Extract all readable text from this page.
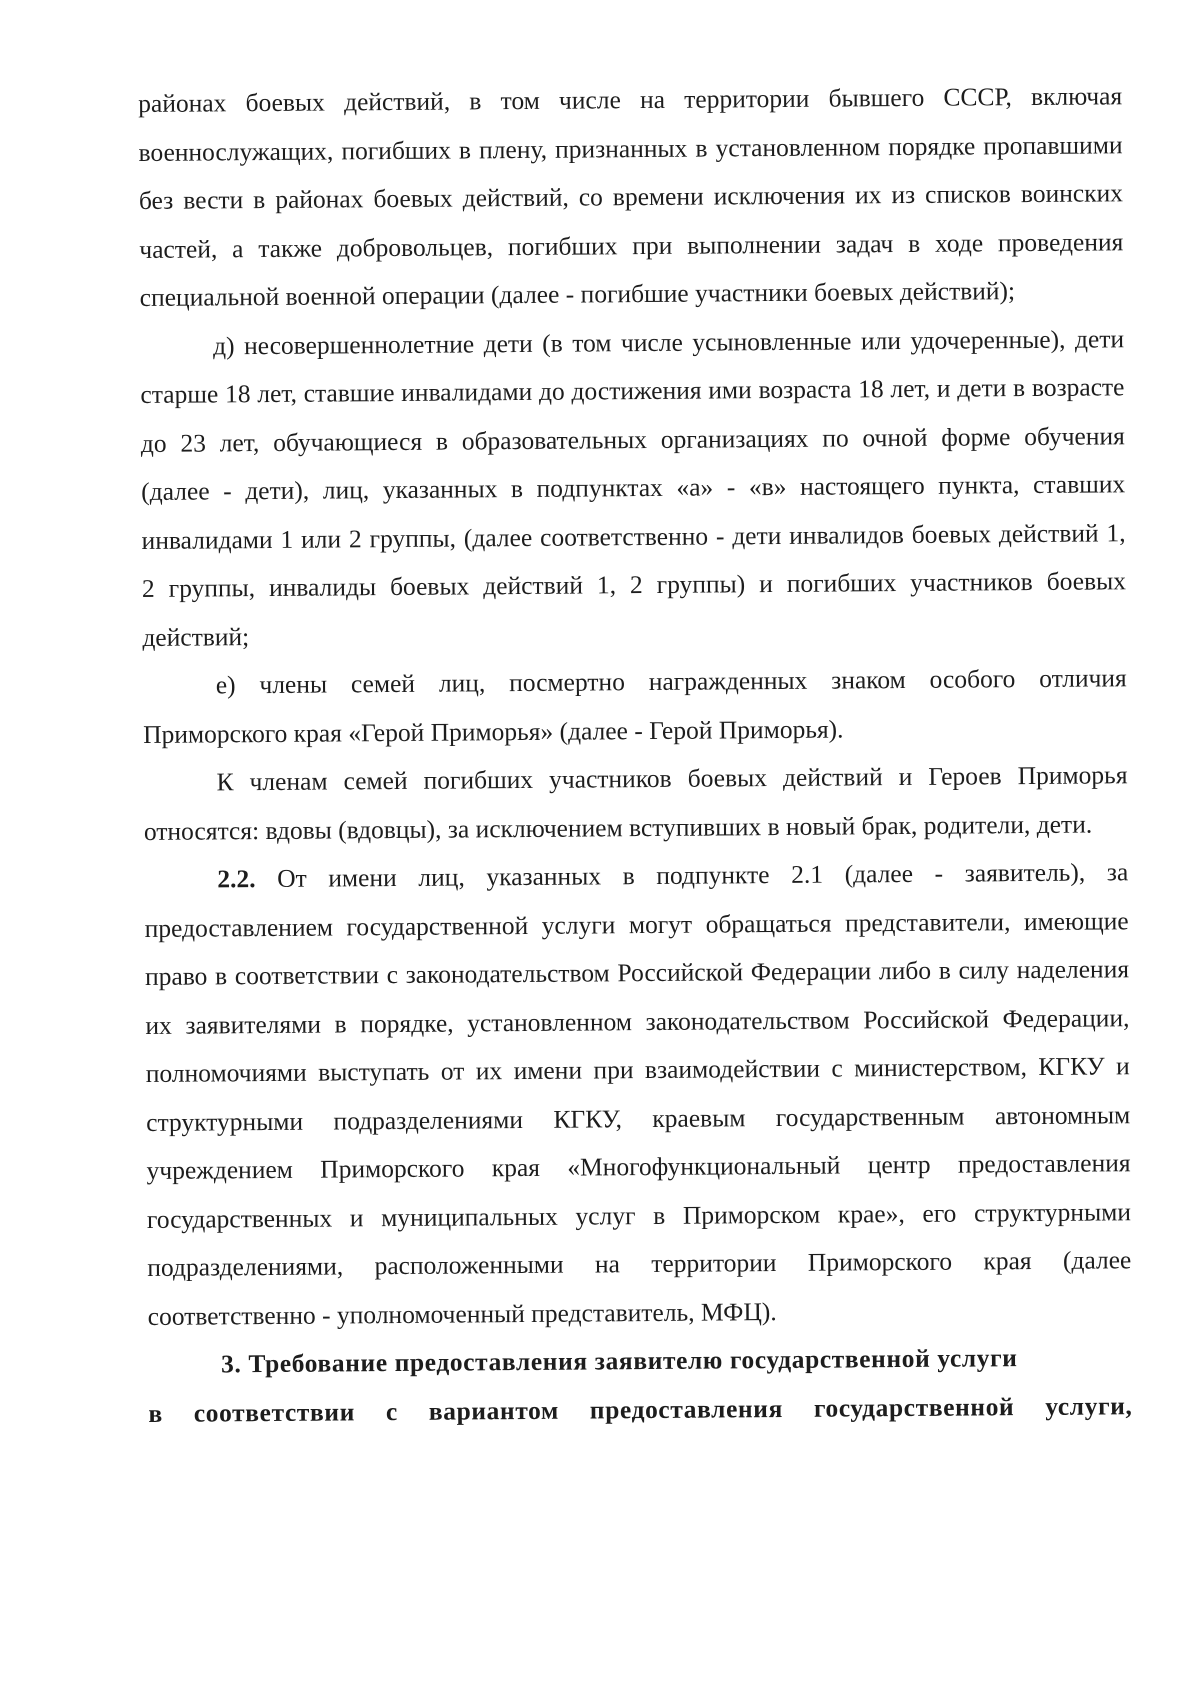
районах боевых действий, в том числе на территории бывшего СССР, включая военнослужащих, погибших в плену, признанных в установленном порядке пропавшими без вести в районах боевых действий, со времени исключения их из списков воинских частей, а также добровольцев, погибших при выполнении задач в ходе проведения специальной военной операции (далее - погибшие участники боевых действий);

д) несовершеннолетние дети (в том числе усыновленные или удочеренные), дети старше 18 лет, ставшие инвалидами до достижения ими возраста 18 лет, и дети в возрасте до 23 лет, обучающиеся в образовательных организациях по очной форме обучения (далее - дети), лиц, указанных в подпунктах «а» - «в» настоящего пункта, ставших инвалидами 1 или 2 группы, (далее соответственно - дети инвалидов боевых действий 1, 2 группы, инвалиды боевых действий 1, 2 группы) и погибших участников боевых действий;

е) члены семей лиц, посмертно награжденных знаком особого отличия Приморского края «Герой Приморья» (далее - Герой Приморья).

К членам семей погибших участников боевых действий и Героев Приморья относятся: вдовы (вдовцы), за исключением вступивших в новый брак, родители, дети.

2.2. От имени лиц, указанных в подпункте 2.1 (далее - заявитель), за предоставлением государственной услуги могут обращаться представители, имеющие право в соответствии с законодательством Российской Федерации либо в силу наделения их заявителями в порядке, установленном законодательством Российской Федерации, полномочиями выступать от их имени при взаимодействии с министерством, КГКУ и структурными подразделениями КГКУ, краевым государственным автономным учреждением Приморского края «Многофункциональный центр предоставления государственных и муниципальных услуг в Приморском крае», его структурными подразделениями, расположенными на территории Приморского края (далее соответственно - уполномоченный представитель, МФЦ).

3. Требование предоставления заявителю государственной услуги

в соответствии с вариантом предоставления государственной услуги,
